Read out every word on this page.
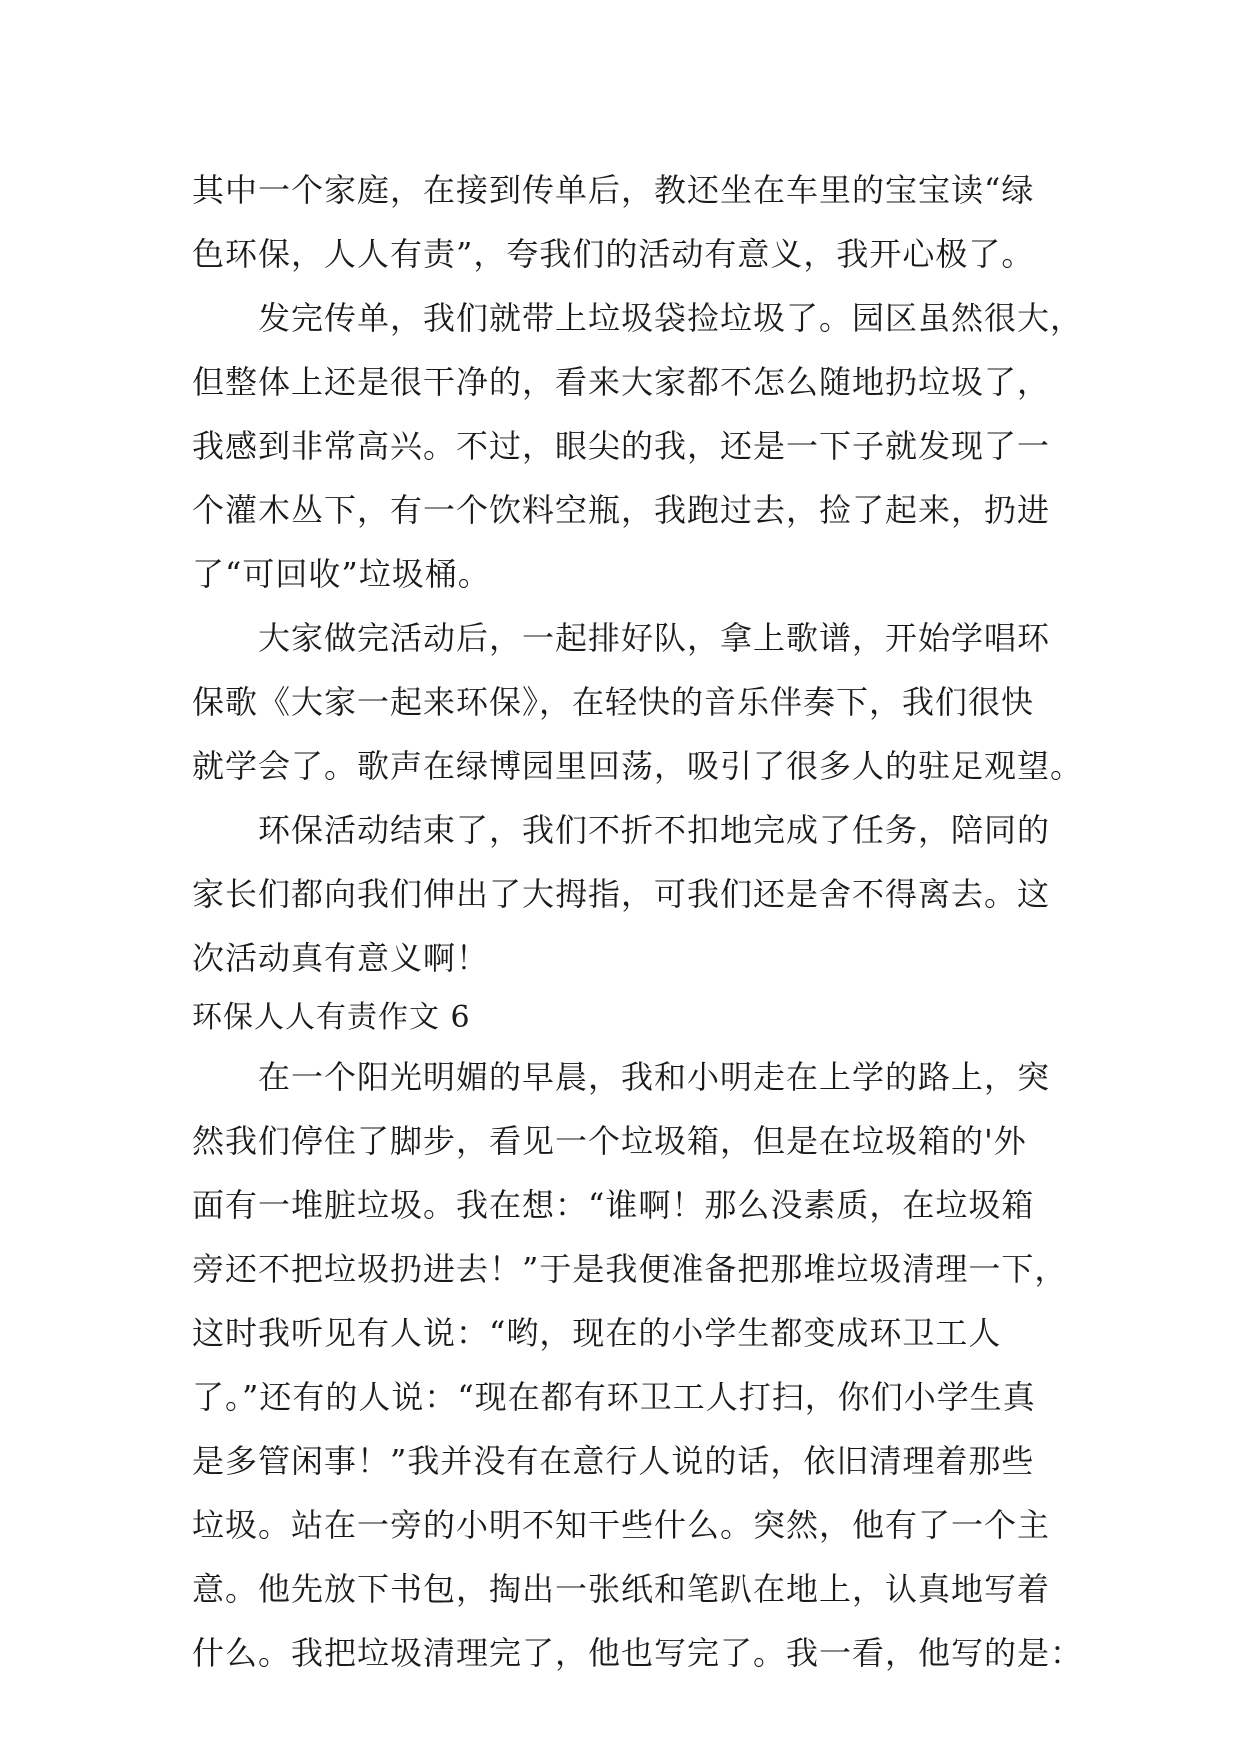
其中一个家庭，在接到传单后，教还坐在车里的宝宝读“绿
色环保，人人有责”，夸我们的活动有意义，我开心极了。
　　发完传单，我们就带上垃圾袋捡垃圾了。园区虽然很大，
但整体上还是很干净的，看来大家都不怎么随地扔垃圾了，
我感到非常高兴。不过，眼尖的我，还是一下子就发现了一
个灌木丛下，有一个饮料空瓶，我跑过去，捡了起来，扔进
了“可回收”垃圾桶。
　　大家做完活动后，一起排好队，拿上歌谱，开始学唱环
保歌《大家一起来环保》，在轻快的音乐伴奏下，我们很快
就学会了。歌声在绿博园里回荡，吸引了很多人的驻足观望。
　　环保活动结束了，我们不折不扣地完成了任务，陪同的
家长们都向我们伸出了大拇指，可我们还是舍不得离去。这
次活动真有意义啊！
环保人人有责作文 6
　　在一个阳光明媚的早晨，我和小明走在上学的路上，突
然我们停住了脚步，看见一个垃圾箱，但是在垃圾箱的'外
面有一堆脏垃圾。我在想：“谁啊！那么没素质，在垃圾箱
旁还不把垃圾扔进去！”于是我便准备把那堆垃圾清理一下，
这时我听见有人说：“哟，现在的小学生都变成环卫工人
了。”还有的人说：“现在都有环卫工人打扫，你们小学生真
是多管闲事！”我并没有在意行人说的话，依旧清理着那些
垃圾。站在一旁的小明不知干些什么。突然，他有了一个主
意。他先放下书包，掏出一张纸和笔趴在地上，认真地写着
什么。我把垃圾清理完了，他也写完了。我一看，他写的是：
